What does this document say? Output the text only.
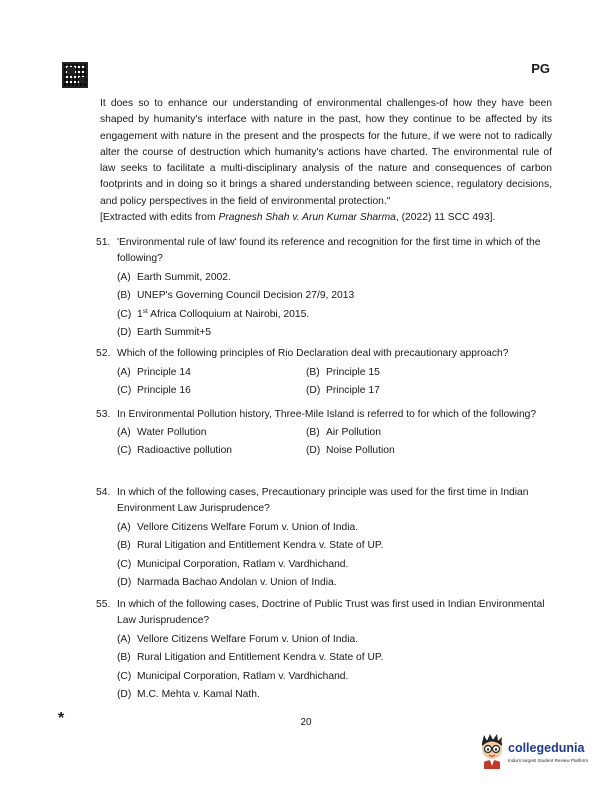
PG
It does so to enhance our understanding of environmental challenges-of how they have been shaped by humanity's interface with nature in the past, how they continue to be affected by its engagement with nature in the present and the prospects for the future, if we were not to radically alter the course of destruction which humanity's actions have charted. The environmental rule of law seeks to facilitate a multi-disciplinary analysis of the nature and consequences of carbon footprints and in doing so it brings a shared understanding between science, regulatory decisions, and policy perspectives in the field of environmental protection."
[Extracted with edits from Pragnesh Shah v. Arun Kumar Sharma, (2022) 11 SCC 493].
51. 'Environmental rule of law' found its reference and recognition for the first time in which of the following?
(A) Earth Summit, 2002.
(B) UNEP's Governing Council Decision 27/9, 2013
(C) 1st Africa Colloquium at Nairobi, 2015.
(D) Earth Summit+5
52. Which of the following principles of Rio Declaration deal with precautionary approach?
(A) Principle 14	(B) Principle 15
(C) Principle 16	(D) Principle 17
53. In Environmental Pollution history, Three-Mile Island is referred to for which of the following?
(A) Water Pollution	(B) Air Pollution
(C) Radioactive pollution	(D) Noise Pollution
54. In which of the following cases, Precautionary principle was used for the first time in Indian Environment Law Jurisprudence?
(A) Vellore Citizens Welfare Forum v. Union of India.
(B) Rural Litigation and Entitlement Kendra v. State of UP.
(C) Municipal Corporation, Ratlam v. Vardhichand.
(D) Narmada Bachao Andolan v. Union of India.
55. In which of the following cases, Doctrine of Public Trust was first used in Indian Environmental Law Jurisprudence?
(A) Vellore Citizens Welfare Forum v. Union of India.
(B) Rural Litigation and Entitlement Kendra v. State of UP.
(C) Municipal Corporation, Ratlam v. Vardhichand.
(D) M.C. Mehta v. Kamal Nath.
*	20
collegedunia
India's largest Student Review Platform
